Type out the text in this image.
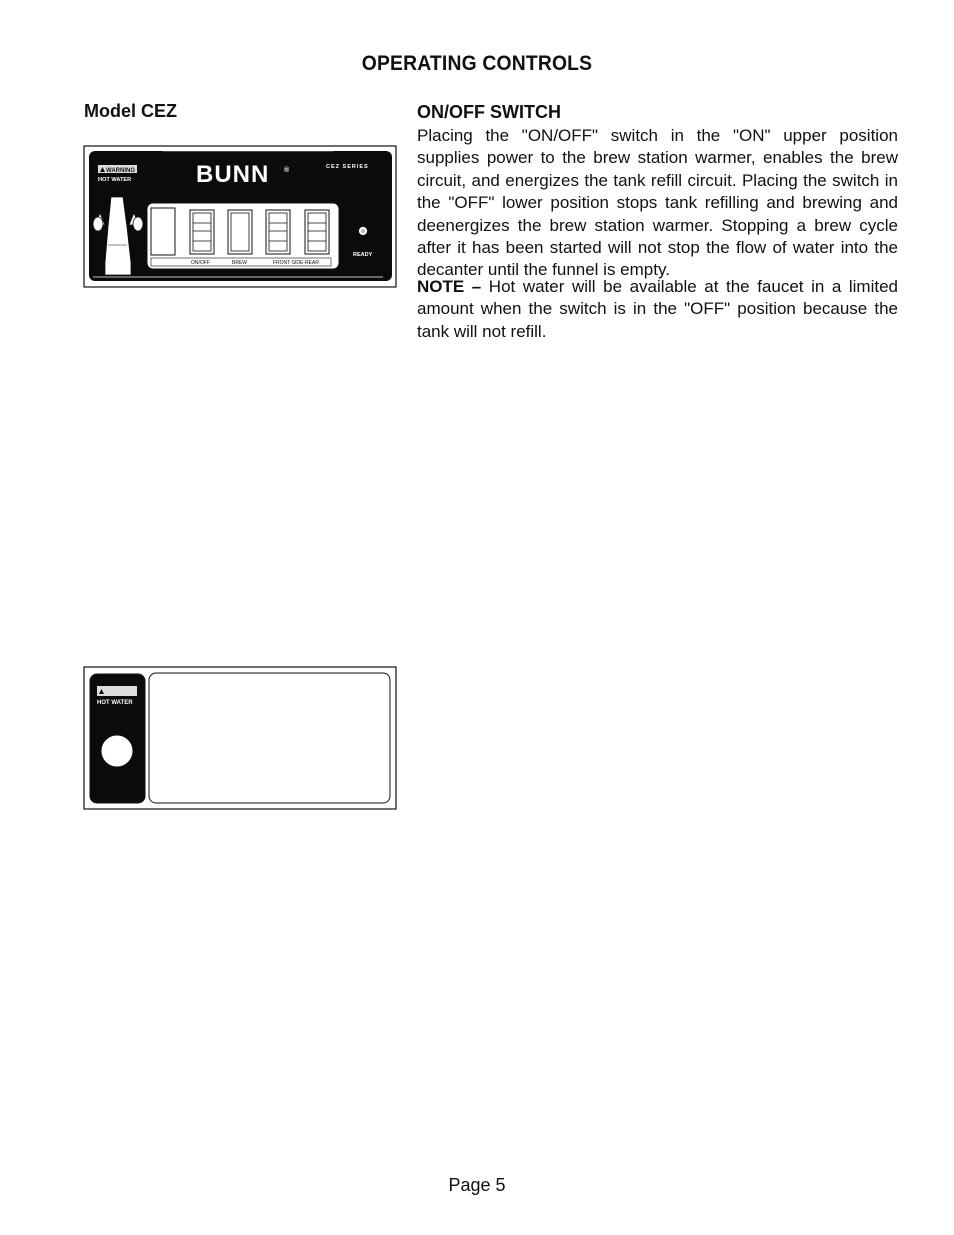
OPERATING CONTROLS
Model CEZ	ON/OFF SWITCH

Placing the "ON/OFF" switch in the "ON" upper position supplies power to the brew station warmer, enables the brew circuit, and energizes the tank refill circuit. Placing the switch in the "OFF" lower position stops tank refilling and brewing and deenergizes the brew station warmer. Stopping a brew cycle after it has been started will not stop the flow of water into the decanter until the funnel is empty.

NOTE – Hot water will be available at the faucet in a limited amount when the switch is in the "OFF" position because the tank will not refill.

WARNING
HOT WATER	BUNN ®	CEZ SERIES
ON/OFF	BREW	FRONT-SIDE-REAR
READY
HOT WATER
Page 5
